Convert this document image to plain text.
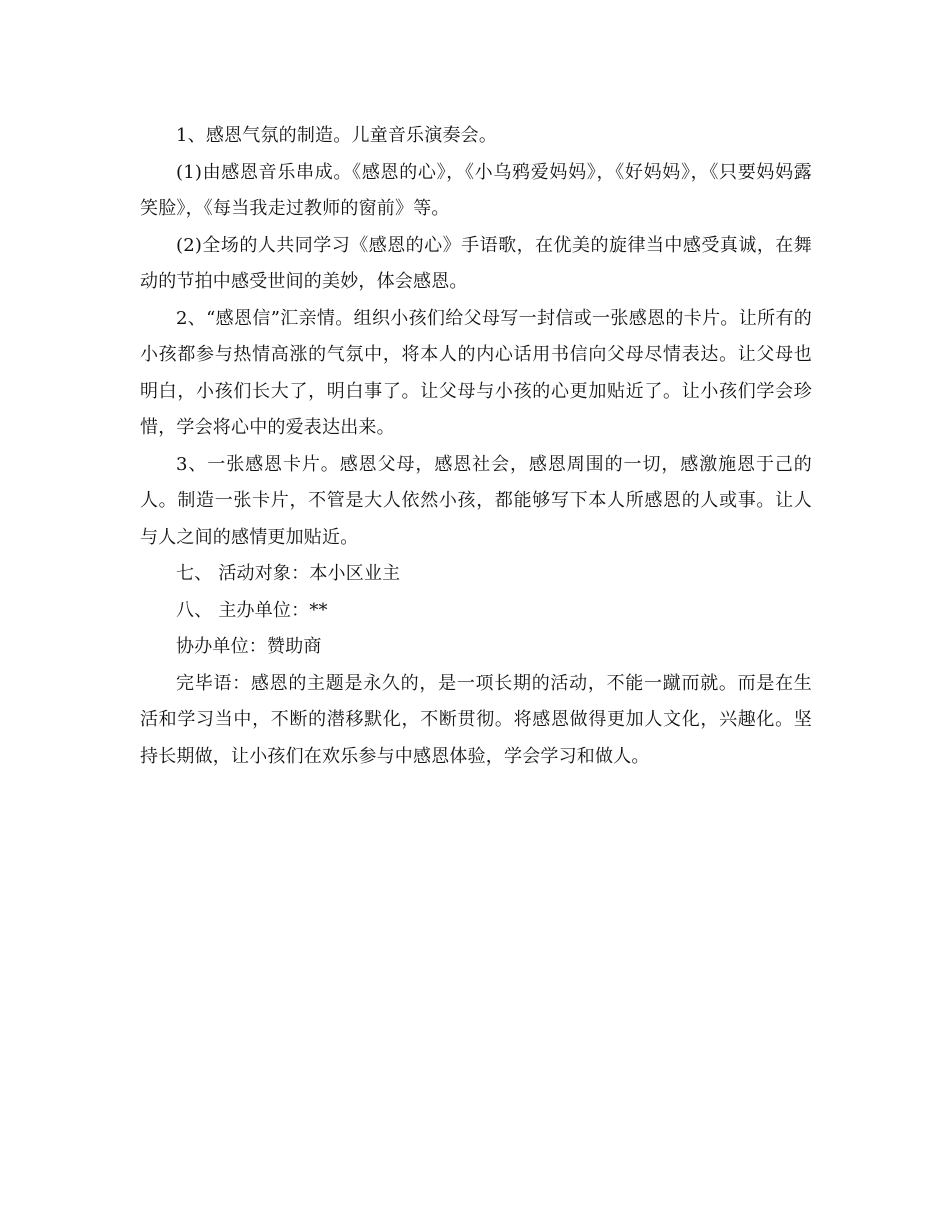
1、感恩气氛的制造。儿童音乐演奏会。

(1)由感恩音乐串成。《感恩的心》，《小乌鸦爱妈妈》，《好妈妈》，《只要妈妈露笑脸》，《每当我走过教师的窗前》等。

(2)全场的人共同学习《感恩的心》手语歌，在优美的旋律当中感受真诚，在舞动的节拍中感受世间的美妙，体会感恩。

2、“感恩信”汇亲情。组织小孩们给父母写一封信或一张感恩的卡片。让所有的小孩都参与热情高涨的气氛中，将本人的内心话用书信向父母尽情表达。让父母也明白，小孩们长大了，明白事了。让父母与小孩的心更加贴近了。让小孩们学会珍惜，学会将心中的爱表达出来。

3、一张感恩卡片。感恩父母，感恩社会，感恩周围的一切，感激施恩于己的人。制造一张卡片，不管是大人依然小孩，都能够写下本人所感恩的人或事。让人与人之间的感情更加贴近。

七、 活动对象：本小区业主

八、 主办单位：**

协办单位：赞助商

完毕语：感恩的主题是永久的，是一项长期的活动，不能一蹴而就。而是在生活和学习当中，不断的潜移默化，不断贯彻。将感恩做得更加人文化，兴趣化。坚持长期做，让小孩们在欢乐参与中感恩体验，学会学习和做人。
